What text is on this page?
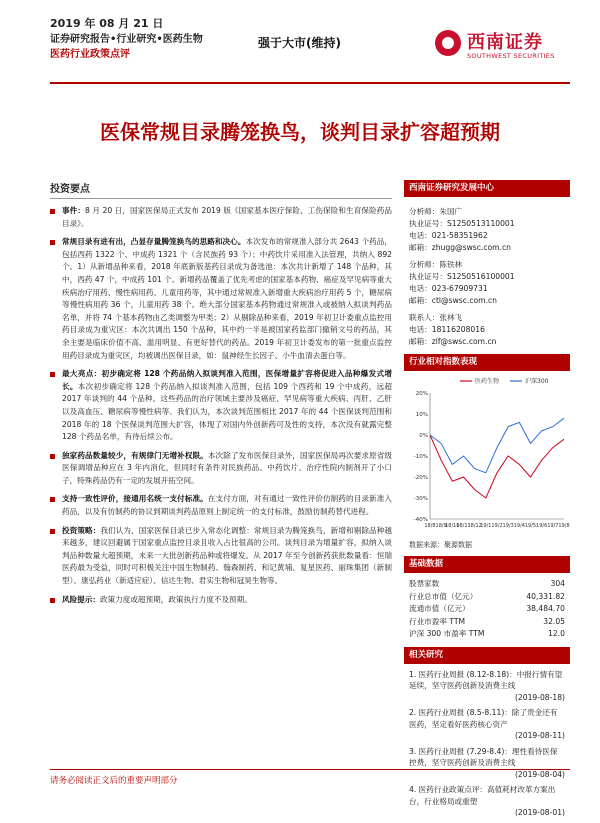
2019 年 08 月 21 日
证券研究报告•行业研究•医药生物
医药行业政策点评
强于大市(维持)	西南证券
SOUTHWEST SECURITIES
医保常规目录腾笼换鸟，谈判目录扩容超预期
投资要点
事件：8 月 20 日，国家医保局正式发布 2019 版《国家基本医疗保险、工伤保险和生育保险药品目录》。
常规目录有进有出，凸显存量腾笼换鸟的思路和决心。本次发布的常规准入部分共 2643 个药品，包括西药 1322 个、中成药 1321 个（含民族药 93 个）；中药饮片采用准入法管理，共纳入 892 个。1）从新增品种来看，2018 年底新版基药目录成为备选池：本次共计新增了 148 个品种，其中，西药 47 个，中成药 101 个。新增药品覆盖了优先考虑的国家基本药物、癌症及罕见病等重大疾病治疗用药、慢性病用药、儿童用药等，其中通过常规准入新增重大疾病治疗用药 5 个，糖尿病等慢性病用药 36 个，儿童用药 38 个。绝大部分国家基本药物通过常规准入或被纳入拟谈判药品名单，并将 74 个基本药物由乙类调整为甲类；2）从剔除品种来看，2019 年初卫计委重点监控用药目录成为重灾区：本次共调出 150 个品种，其中约一半是被国家药监部门撤销文号的药品，其余主要是临床价值不高、滥用明显、有更好替代的药品。2019 年初卫计委发布的第一批重点监控用药目录成为重灾区，均被调出医保目录，如：鼠神经生长因子、小牛血清去蛋白等。
最大亮点：初步确定将 128 个药品纳入拟谈判准入范围，医保增量扩容将促进入品种爆发式增长。本次初步确定将 128 个药品纳入拟谈判准入范围，包括 109 个西药和 19 个中成药，远超 2017 年谈判的 44 个品种。这些药品的治疗领域主要涉及癌症、罕见病等重大疾病、丙肝、乙肝以及高血压、糖尿病等慢性病等。我们认为，本次谈判范围相比 2017 年的 44 个医保谈判范围和 2018 年的 18 个医保谈判范围大扩容，体现了对国内外创新药可及性的支持，本次没有就露完整 128 个药品名单，有待后续公布。
独家药品数量较少，有规律门无增补权限。本次除了发布医保目录外，国家医保局再次要求原省级医保调增品种应在 3 年内消化，但同时有条件对民族药品、中药饮片、治疗性院内制剂开了小口子，特殊药品仍有一定的发展开拓空间。
支持一致性评价，接通用名统一支付标准。在支付方面，对有通过一致性评价仿制药的目录新准入药品，以及有仿制药的协议到期谈判药品原则上制定统一的支付标准，鼓励仿制药替代进程。
投资策略：我们认为，国家医保目录已步入常态化调整：常规目录为腾笼换鸟，新增和剔除品种越来越多，建议回避属于国家重点监控目录且收入占比很高的公司。谈判目录为增量扩容，拟纳入谈判品种数量大超预期，未来一大批创新药品种或将爆发。从 2017 年至今创新药获批数量看：恒瑞医药最为受益，同时可积极关注中国生物制药、翰森制药、和记黄埔、复星医药、丽珠集团（新制型）、康弘药业（新适应症）、信达生物、君实生物和冠昊生物等。
风险提示：政策力度或超预期，政策执行力度不及预期。
西南证券研究发展中心
分析师：朱国广
执业证号：S1250513110001
电话：021-58351962
邮箱：zhugg@swsc.com.cn
分析师：陈铁林
执业证号：S1250516100001
电话：023-67909731
邮箱：ctl@swsc.com.cn
联系人：张林飞
电话：18116208016
邮箱：zlf@swsc.com.cn
行业相对指数表现
20%
10%
0%
-10%
-20%
-30%
-40%
18/8 18/9
18/10
18/11
18/12
19/1 19/2 19/3 19/4 19/5 19/6 19/7 19/8
医药生物	沪深300
数据来源：聚源数据
基础数据
股票家数	304
行业总市值（亿元）	40,331.82
流通市值（亿元）	38,484.70
行业市盈率 TTM	32.05
沪深 300 市盈率 TTM	12.0
相关研究
1. 医药行业周报 (8.12-8.18)：中报行情有望延续，坚守医药创新及消费主线
(2019-08-18)
2. 医药行业周报 (8.5-8.11)：除了贵金还有医药，坚定看好医药核心资产
(2019-08-11)
3. 医药行业周报 (7.29-8.4)：理性看待医保控费，坚守医药创新及消费主线
(2019-08-04)
4. 医药行业政策点评：高值耗材改革方案出台，行业格局或重塑
(2019-08-01)
请务必阅读正文后的重要声明部分
